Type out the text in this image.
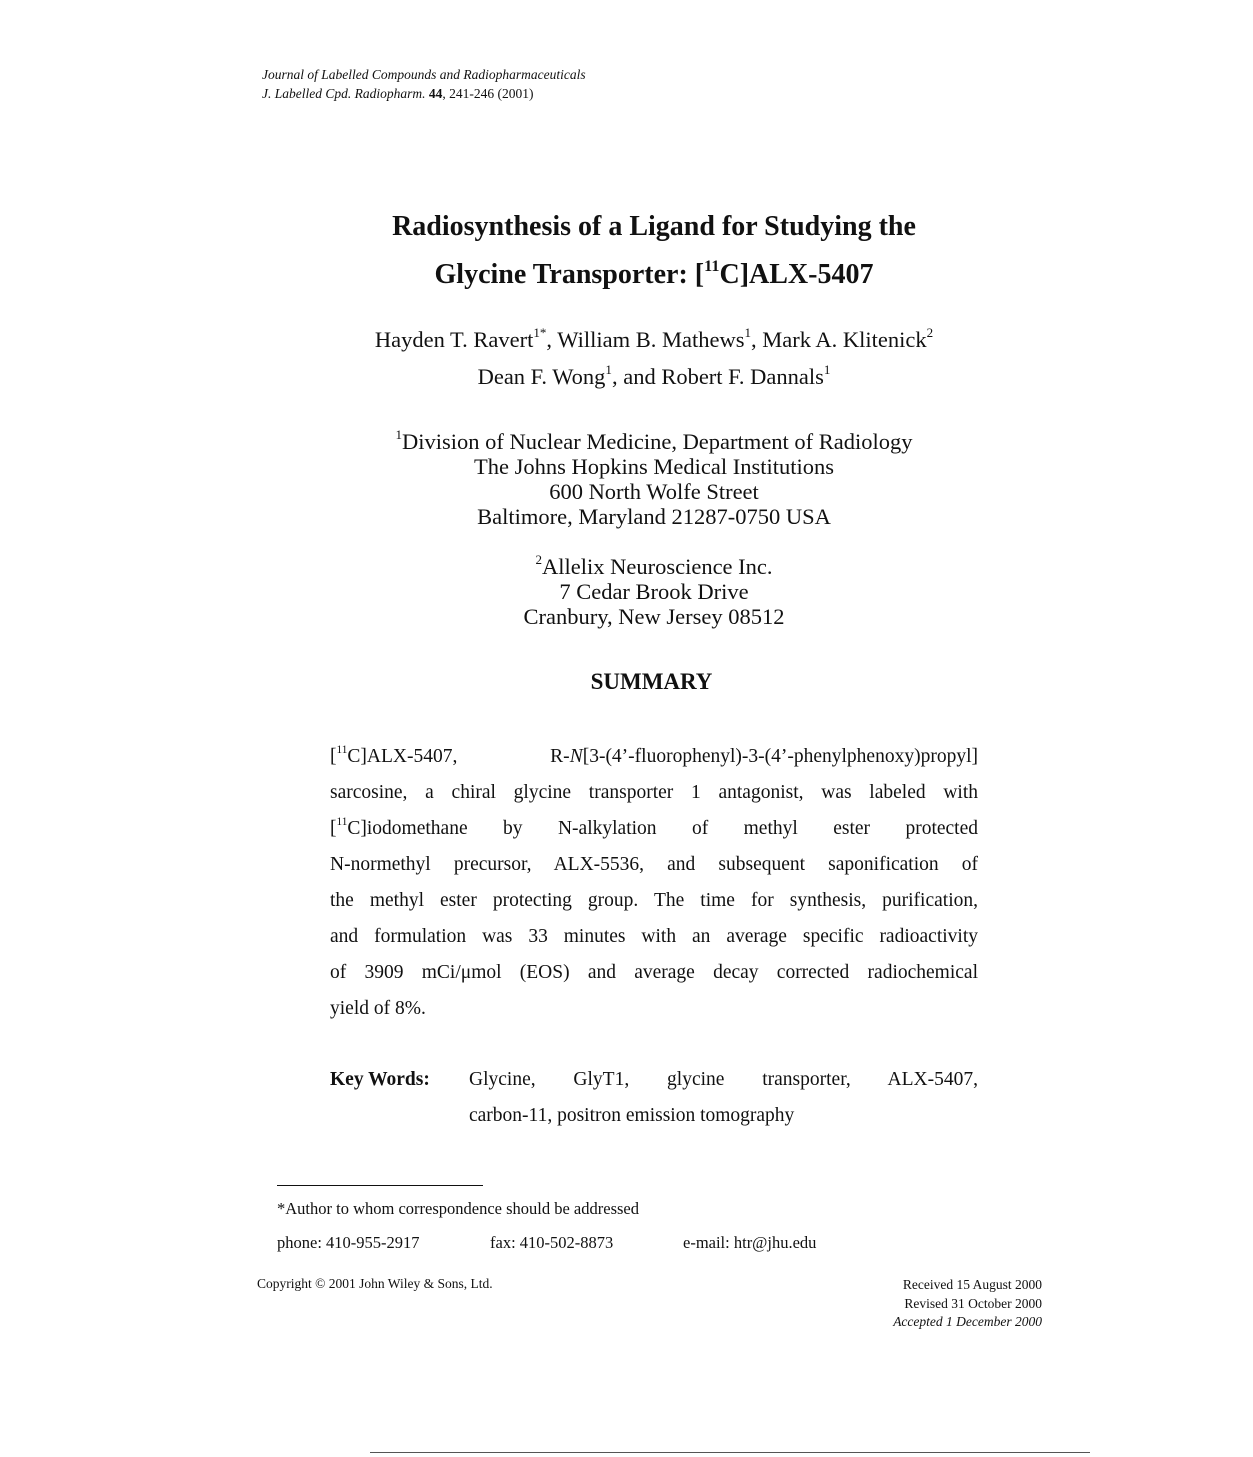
Journal of Labelled Compounds and Radiopharmaceuticals
J. Labelled Cpd. Radiopharm. 44, 241-246 (2001)
Radiosynthesis of a Ligand for Studying the
Glycine Transporter: [$^{11}$C]ALX-5407
Hayden T. Ravert$^{1*}$, William B. Mathews$^1$, Mark A. Klitenick$^2$
Dean F. Wong$^1$, and Robert F. Dannals$^1$
$^1$Division of Nuclear Medicine, Department of Radiology
The Johns Hopkins Medical Institutions
600 North Wolfe Street
Baltimore, Maryland 21287-0750 USA
$^2$Allelix Neuroscience Inc.
7 Cedar Brook Drive
Cranbury, New Jersey 08512
SUMMARY
[$^{11}$C]ALX-5407, R-N[3-(4’-fluorophenyl)-3-(4’-phenylphenoxy)propyl]
sarcosine, a chiral glycine transporter 1 antagonist, was labeled with
[$^{11}$C]iodomethane by N-alkylation of methyl ester protected
N-normethyl precursor, ALX-5536, and subsequent saponification of
the methyl ester protecting group. The time for synthesis, purification,
and formulation was 33 minutes with an average specific radioactivity
of 3909 mCi/μmol (EOS) and average decay corrected radiochemical
yield of 8%.
Key Words: Glycine, GlyT1, glycine transporter, ALX-5407,
carbon-11, positron emission tomography
*Author to whom correspondence should be addressed
phone: 410-955-2917	fax: 410-502-8873	e-mail: htr@jhu.edu
Copyright © 2001 John Wiley & Sons, Ltd.	Received 15 August 2000
Revised 31 October 2000
Accepted 1 December 2000
